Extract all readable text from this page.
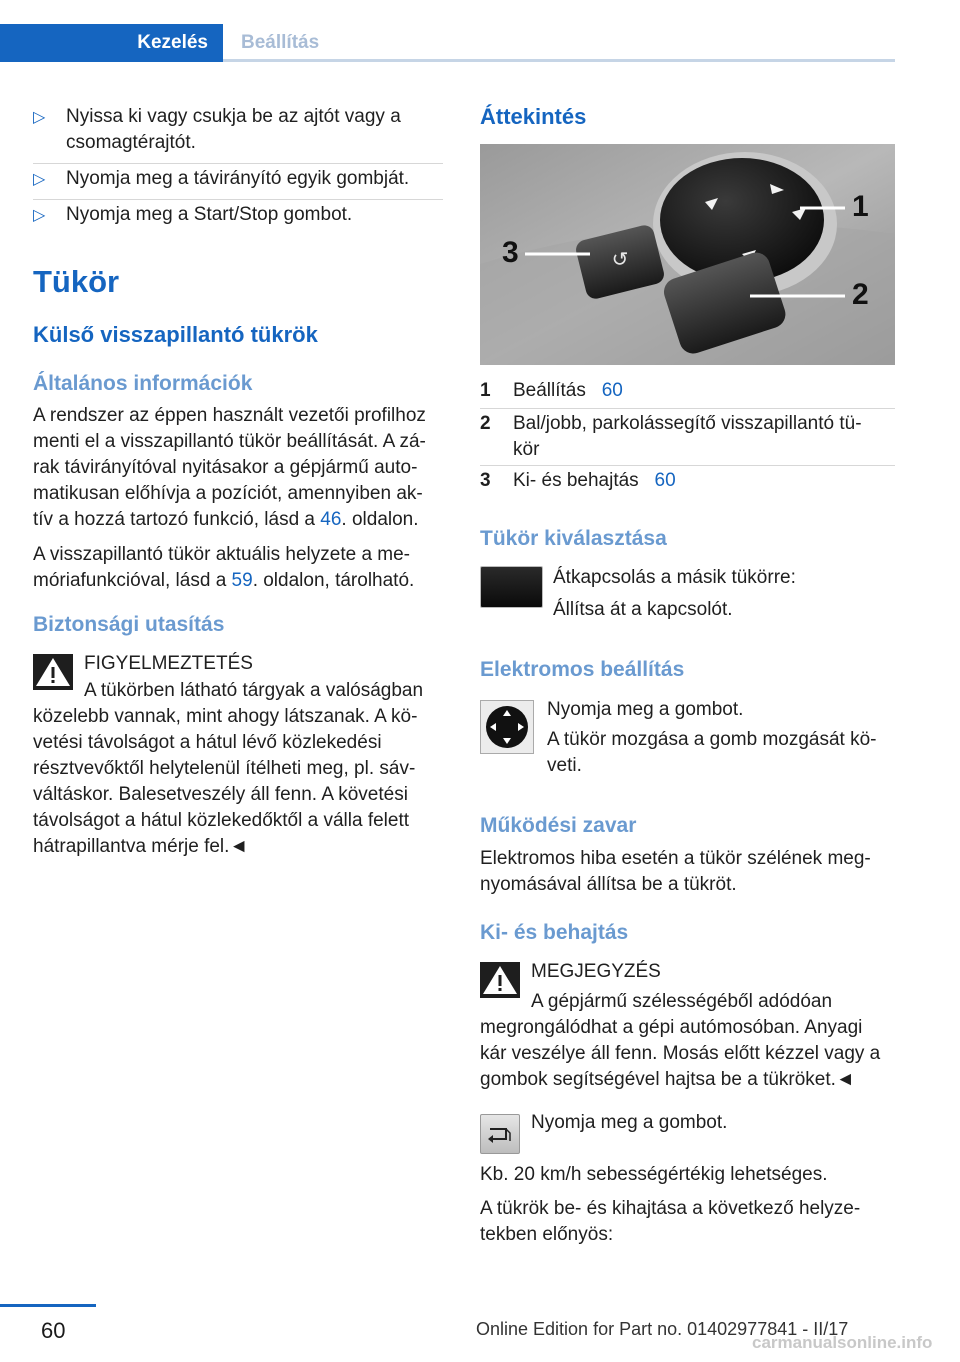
Kezelés	Beállítás
▷ Nyissa ki vagy csukja be az ajtót vagy a
csomagtérajtót.
▷ Nyomja meg a távirányító egyik gombját.
▷ Nyomja meg a Start/Stop gombot.
Tükör
Külső visszapillantó tükrök
Általános információk
A rendszer az éppen használt vezetői profilhoz
menti el a visszapillantó tükör beállítását. A zá-
rak távirányítóval nyitásakor a gépjármű auto-
matikusan előhívja a pozíciót, amennyiben ak-
tív a hozzá tartozó funkció, lásd a 46. oldalon.
A visszapillantó tükör aktuális helyzete a me-
móriafunkcióval, lásd a 59. oldalon, tárolható.
Biztonsági utasítás
FIGYELMEZTETÉS
A tükörben látható tárgyak a valóságban
közelebb vannak, mint ahogy látszanak. A kö-
vetési távolságot a hátul lévő közlekedési
résztvevőktől helytelenül ítélheti meg, pl. sáv-
váltáskor. Balesetveszély áll fenn. A követési
távolságot a hátul közlekedőktől a válla felett
hátrapillantva mérje fel.◄
Áttekintés
↺
1
2
3
1 Beállítás 60
2 Bal/jobb, parkolássegítő visszapillantó tü-
kör
3 Ki- és behajtás 60
Tükör kiválasztása
Átkapcsolás a másik tükörre:
Állítsa át a kapcsolót.
Elektromos beállítás
Nyomja meg a gombot.
A tükör mozgása a gomb mozgását kö-
veti.
Működési zavar
Elektromos hiba esetén a tükör szélének meg-
nyomásával állítsa be a tükröt.
Ki- és behajtás
MEGJEGYZÉS
A gépjármű szélességéből adódóan
megrongálódhat a gépi autómosóban. Anyagi
kár veszélye áll fenn. Mosás előtt kézzel vagy a
gombok segítségével hajtsa be a tükröket.◄
Nyomja meg a gombot.
Kb. 20 km/h sebességértékig lehetséges.
A tükrök be- és kihajtása a következő helyze-
tekben előnyös:
60	Online Edition for Part no. 01402977841 - II/17
carmanualsonline.info
